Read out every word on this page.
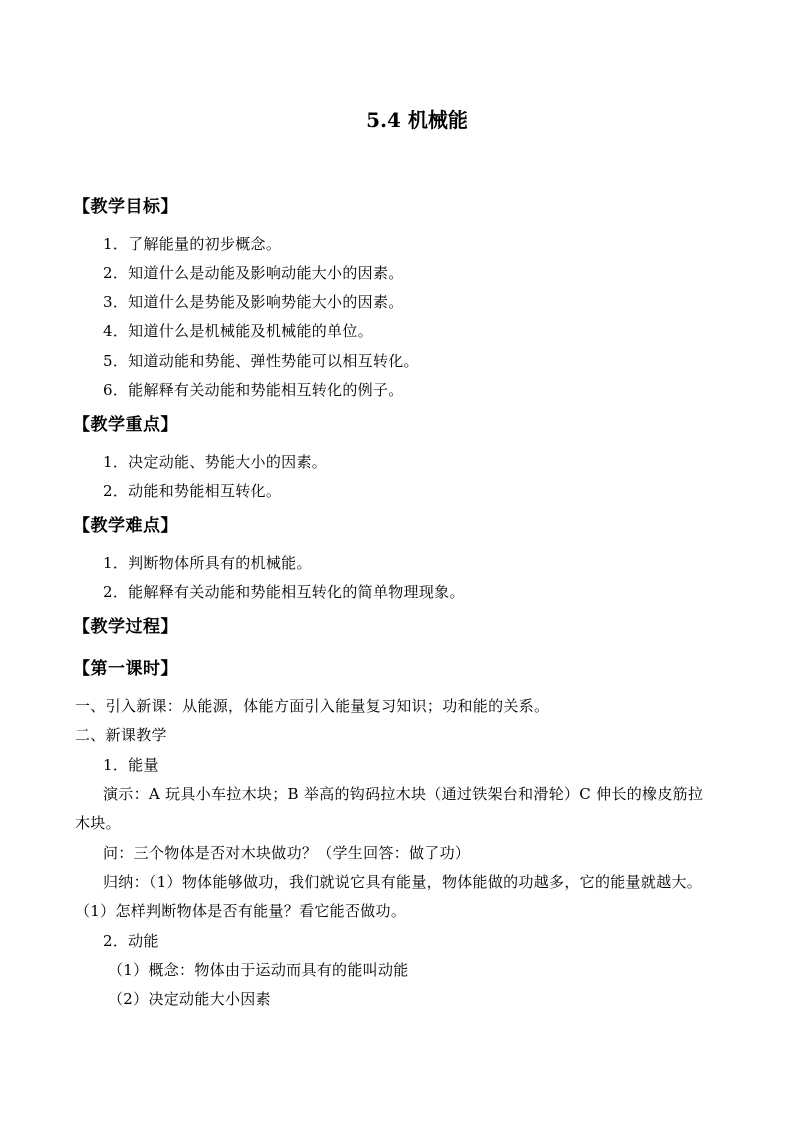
5.4 机械能
【教学目标】
1．了解能量的初步概念。
2．知道什么是动能及影响动能大小的因素。
3．知道什么是势能及影响势能大小的因素。
4．知道什么是机械能及机械能的单位。
5．知道动能和势能、弹性势能可以相互转化。
6．能解释有关动能和势能相互转化的例子。
【教学重点】
1．决定动能、势能大小的因素。
2．动能和势能相互转化。
【教学难点】
1．判断物体所具有的机械能。
2．能解释有关动能和势能相互转化的简单物理现象。
【教学过程】
【第一课时】
一、引入新课：从能源，体能方面引入能量复习知识；功和能的关系。
二、新课教学
1．能量
演示：A 玩具小车拉木块；B 举高的钩码拉木块（通过铁架台和滑轮）C 伸长的橡皮筋拉
木块。
问：三个物体是否对木块做功？（学生回答：做了功）
归纳：（1）物体能够做功，我们就说它具有能量，物体能做的功越多，它的能量就越大。
（1）怎样判断物体是否有能量？看它能否做功。
2．动能
（1）概念：物体由于运动而具有的能叫动能
（2）决定动能大小因素
